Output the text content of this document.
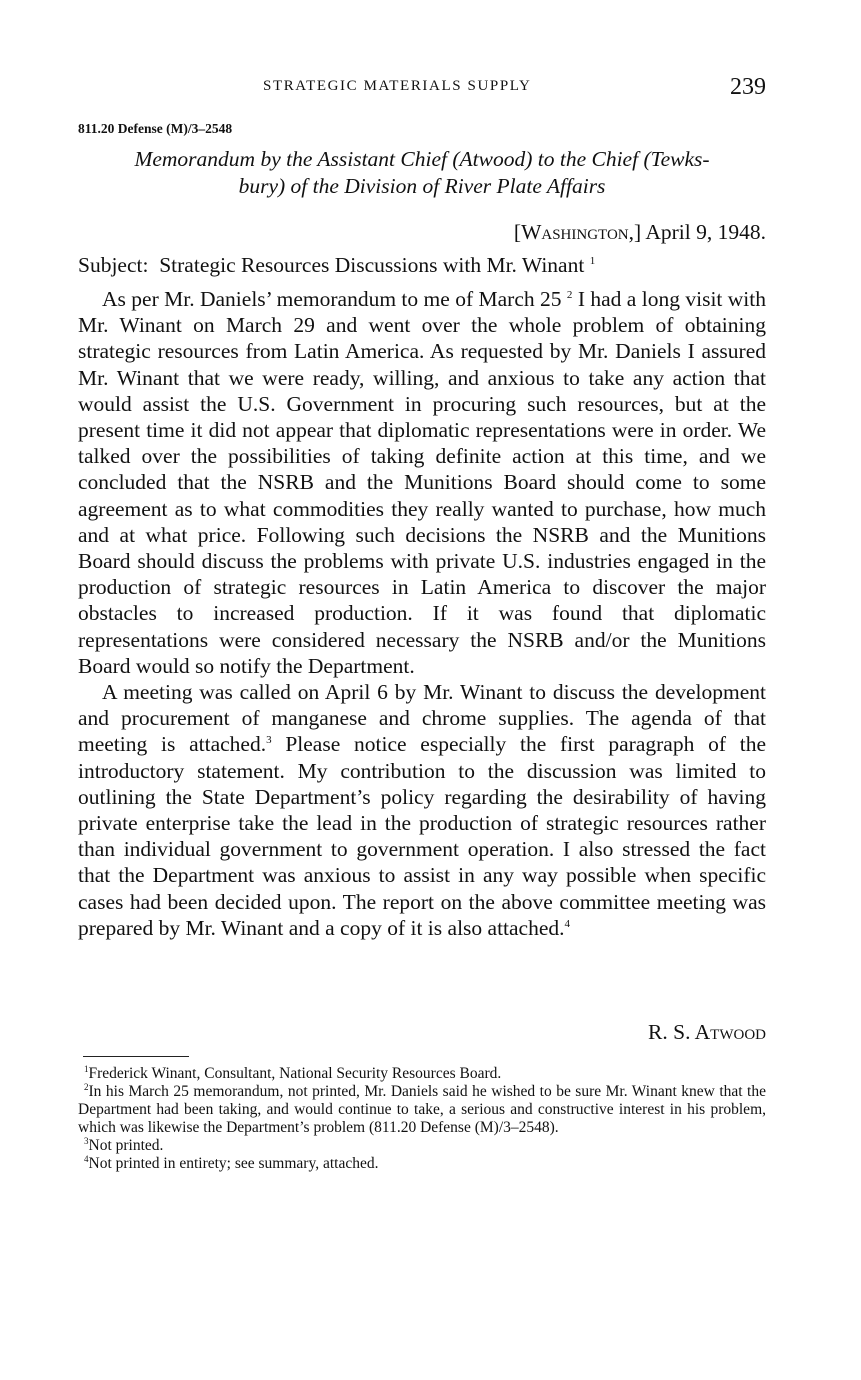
STRATEGIC MATERIALS SUPPLY	239
811.20 Defense (M)/3–2548
Memorandum by the Assistant Chief (Atwood) to the Chief (Tewks-
bury) of the Division of River Plate Affairs
[Washington,] April 9, 1948.
Subject: Strategic Resources Discussions with Mr. Winant $^1$

As per Mr. Daniels’ memorandum to me of March 25 $^2$ I had a long visit with Mr. Winant on March 29 and went over the whole problem of obtaining strategic resources from Latin America. As requested by Mr. Daniels I assured Mr. Winant that we were ready, willing, and anxious to take any action that would assist the U.S. Government in procuring such resources, but at the present time it did not appear that diplomatic representations were in order. We talked over the possibilities of taking definite action at this time, and we concluded that the NSRB and the Munitions Board should come to some agreement as to what commodities they really wanted to purchase, how much and at what price. Following such decisions the NSRB and the Munitions Board should discuss the problems with private U.S. industries engaged in the production of strategic resources in Latin America to discover the major obstacles to increased production. If it was found that diplomatic representations were considered necessary the NSRB and/or the Munitions Board would so notify the Department.

A meeting was called on April 6 by Mr. Winant to discuss the development and procurement of manganese and chrome supplies. The agenda of that meeting is attached.$^3$ Please notice especially the first paragraph of the introductory statement. My contribution to the discussion was limited to outlining the State Department’s policy regarding the desirability of having private enterprise take the lead in the production of strategic resources rather than individual government to government operation. I also stressed the fact that the Department was anxious to assist in any way possible when specific cases had been decided upon. The report on the above committee meeting was prepared by Mr. Winant and a copy of it is also attached.$^4$

R. S. Atwood
$^1$Frederick Winant, Consultant, National Security Resources Board.
$^2$In his March 25 memorandum, not printed, Mr. Daniels said he wished to be sure Mr. Winant knew that the Department had been taking, and would continue to take, a serious and constructive interest in his problem, which was likewise the Department’s problem (811.20 Defense (M)/3–2548).
$^3$Not printed.
$^4$Not printed in entirety; see summary, attached.
